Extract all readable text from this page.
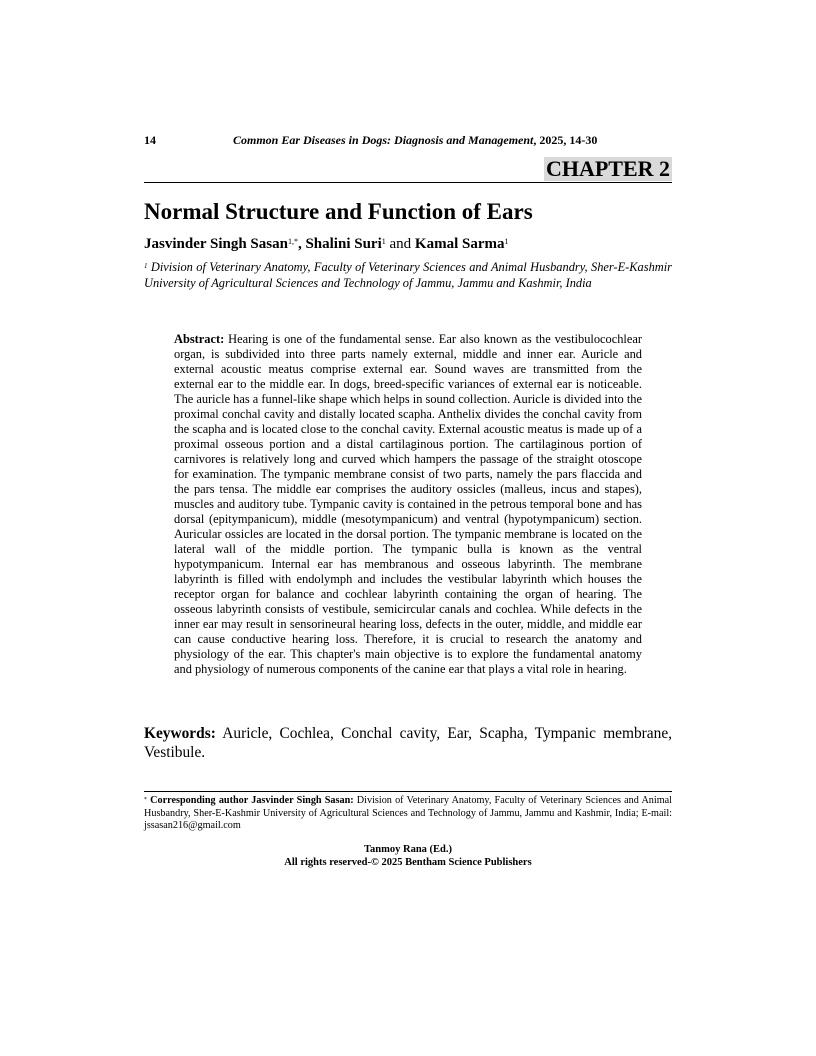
14	Common Ear Diseases in Dogs: Diagnosis and Management, 2025, 14-30
CHAPTER 2
Normal Structure and Function of Ears
Jasvinder Singh Sasan$^{1,*}$, Shalini Suri$^1$ and Kamal Sarma$^1$
$^1$ Division of Veterinary Anatomy, Faculty of Veterinary Sciences and Animal Husbandry, Sher-E-Kashmir University of Agricultural Sciences and Technology of Jammu, Jammu and Kashmir, India
Abstract: Hearing is one of the fundamental sense. Ear also known as the vestibulocochlear organ, is subdivided into three parts namely external, middle and inner ear. Auricle and external acoustic meatus comprise external ear. Sound waves are transmitted from the external ear to the middle ear. In dogs, breed-specific variances of external ear is noticeable. The auricle has a funnel-like shape which helps in sound collection. Auricle is divided into the proximal conchal cavity and distally located scapha. Anthelix divides the conchal cavity from the scapha and is located close to the conchal cavity. External acoustic meatus is made up of a proximal osseous portion and a distal cartilaginous portion. The cartilaginous portion of carnivores is relatively long and curved which hampers the passage of the straight otoscope for examination. The tympanic membrane consist of two parts, namely the pars flaccida and the pars tensa. The middle ear comprises the auditory ossicles (malleus, incus and stapes), muscles and auditory tube. Tympanic cavity is contained in the petrous temporal bone and has dorsal (epitympanicum), middle (mesotympanicum) and ventral (hypotympanicum) section. Auricular ossicles are located in the dorsal portion. The tympanic membrane is located on the lateral wall of the middle portion. The tympanic bulla is known as the ventral hypotympanicum. Internal ear has membranous and osseous labyrinth. The membrane labyrinth is filled with endolymph and includes the vestibular labyrinth which houses the receptor organ for balance and cochlear labyrinth containing the organ of hearing. The osseous labyrinth consists of vestibule, semicircular canals and cochlea. While defects in the inner ear may result in sensorineural hearing loss, defects in the outer, middle, and middle ear can cause conductive hearing loss. Therefore, it is crucial to research the anatomy and physiology of the ear. This chapter's main objective is to explore the fundamental anatomy and physiology of numerous components of the canine ear that plays a vital role in hearing.
Keywords: Auricle, Cochlea, Conchal cavity, Ear, Scapha, Tympanic membrane, Vestibule.
* Corresponding author Jasvinder Singh Sasan: Division of Veterinary Anatomy, Faculty of Veterinary Sciences and Animal Husbandry, Sher-E-Kashmir University of Agricultural Sciences and Technology of Jammu, Jammu and Kashmir, India; E-mail: jssasan216@gmail.com
Tanmoy Rana (Ed.)
All rights reserved-© 2025 Bentham Science Publishers
